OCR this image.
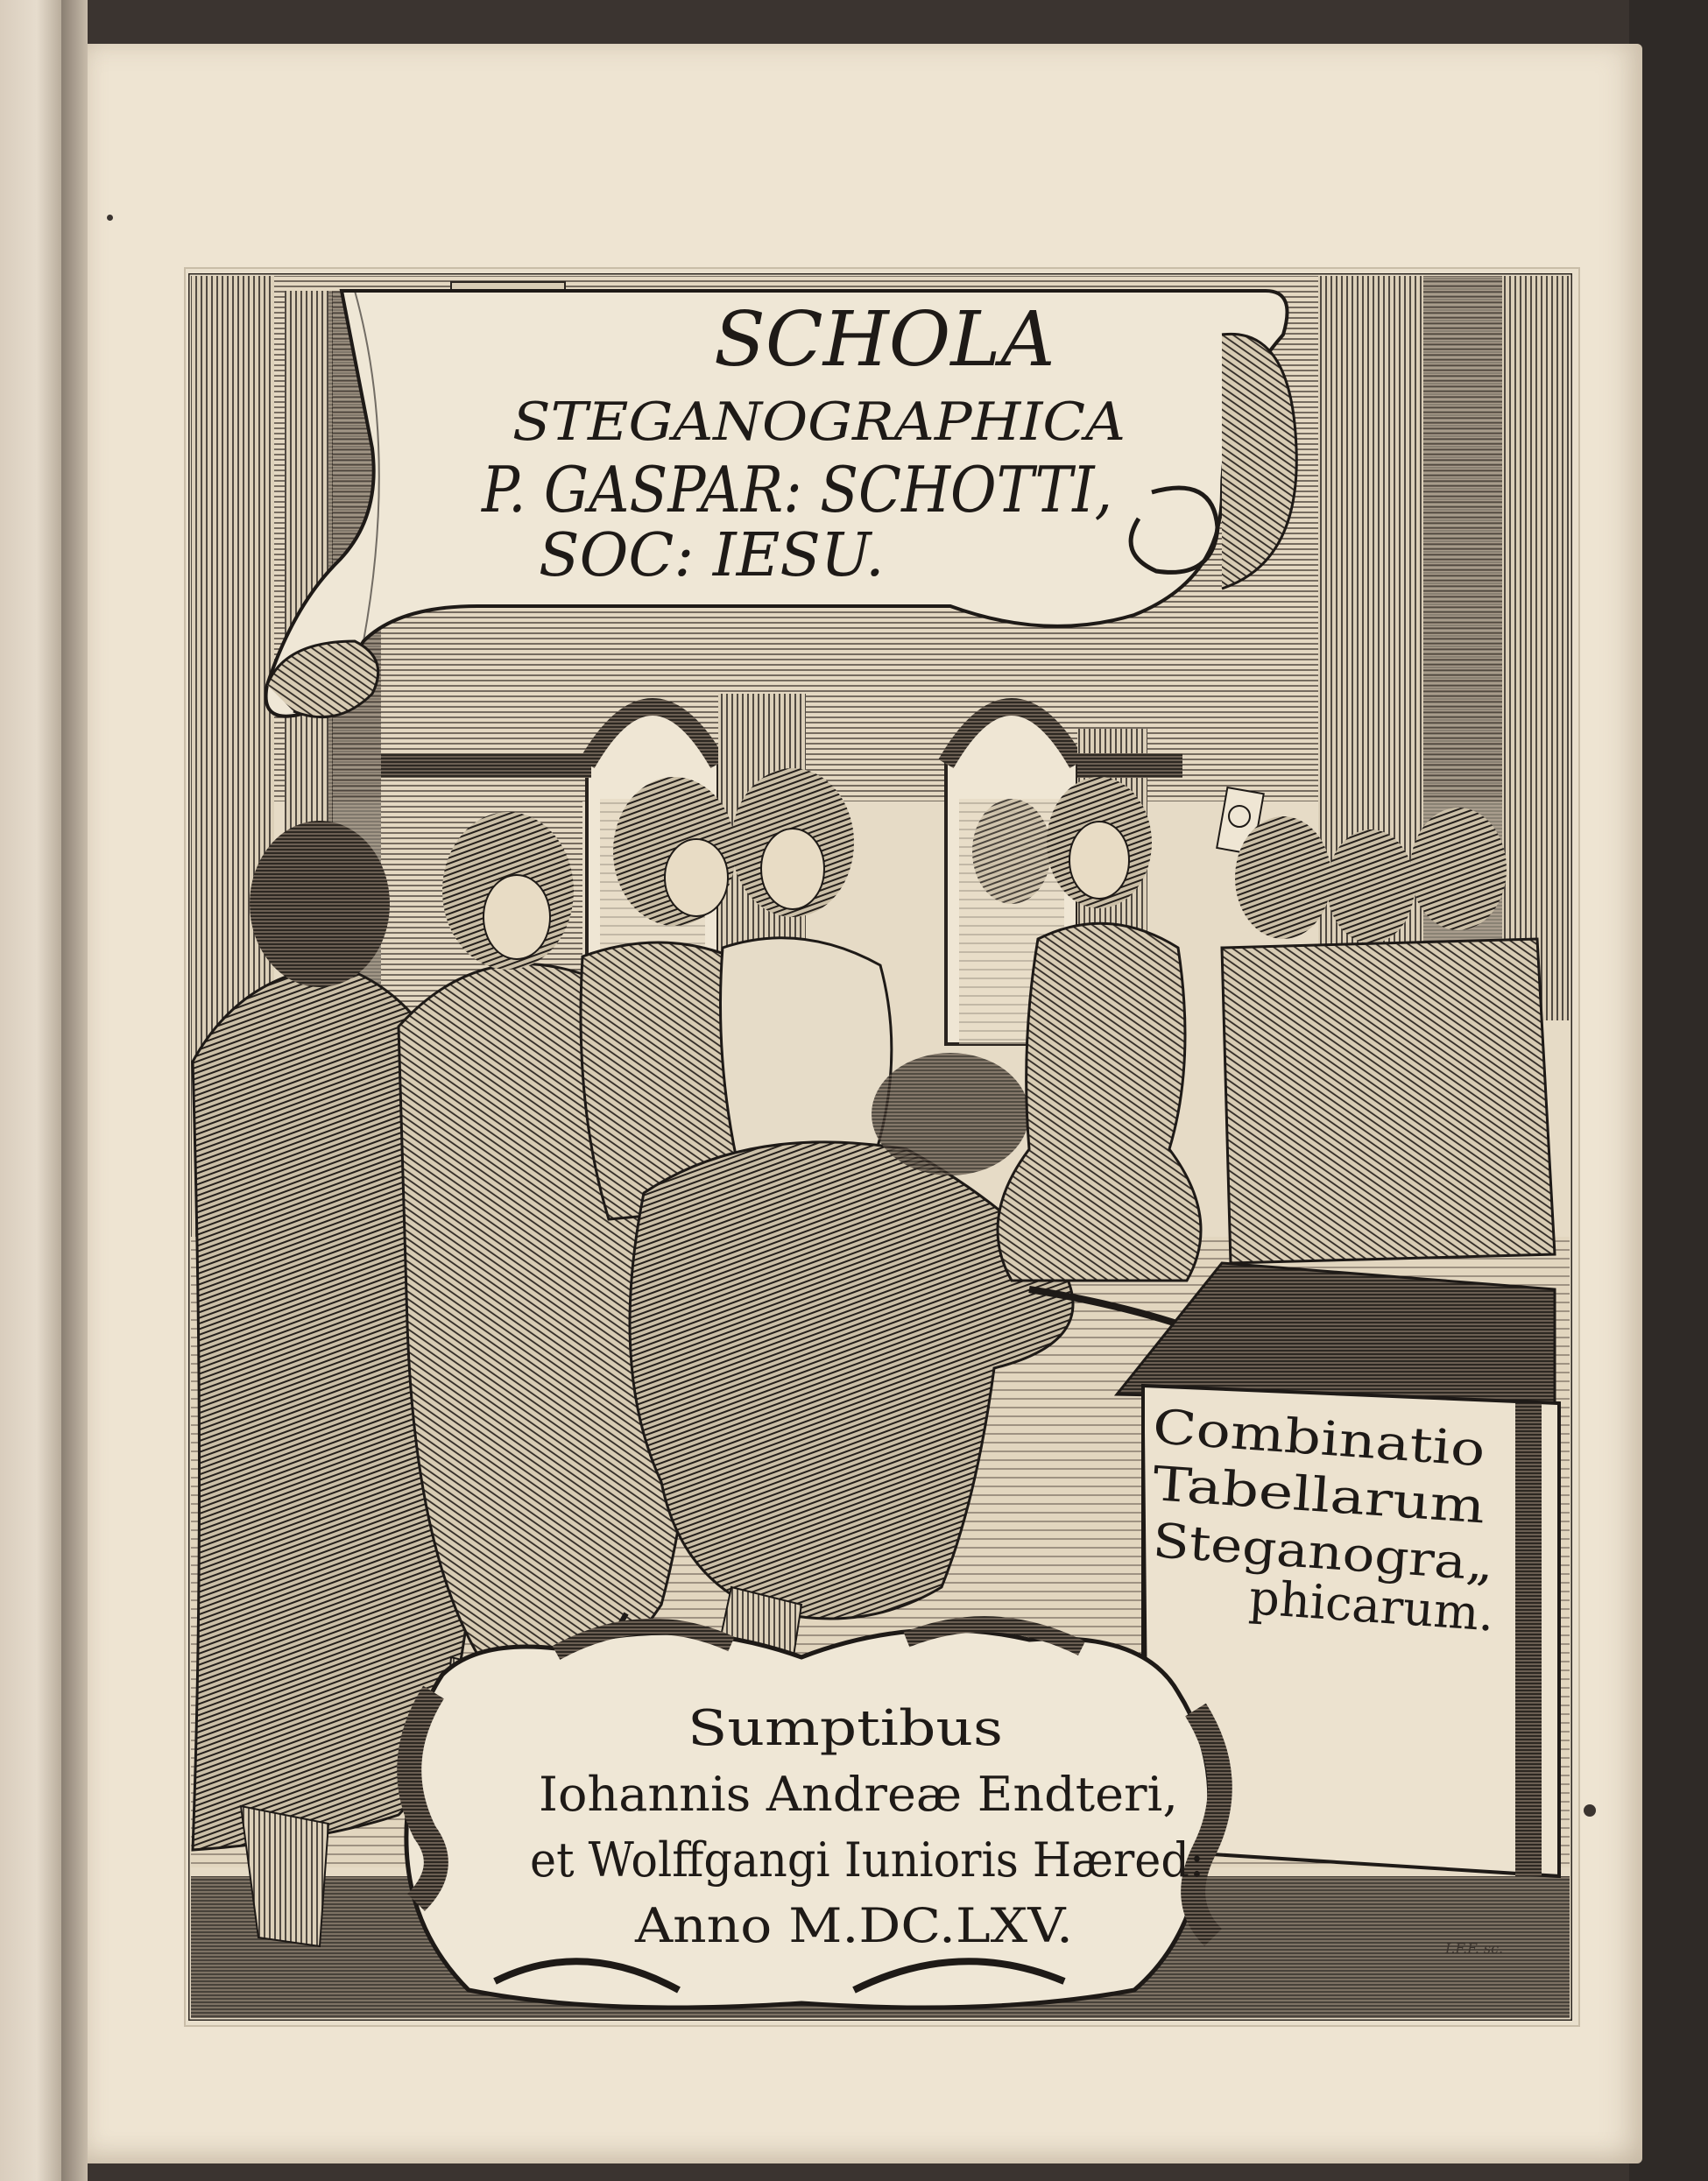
SCHOLA
STEGANOGRAPHICA
P. GASPAR: SCHOTTI,
SOC: IESU.
Combinatio
Tabellarum
Steganogra„
phicarum.
Sumptibus
Iohannis Andreæ Endteri,
et Wolffgangi Iunioris Hæred:
Anno M.DC.LXV.	I.F.F. sc.
